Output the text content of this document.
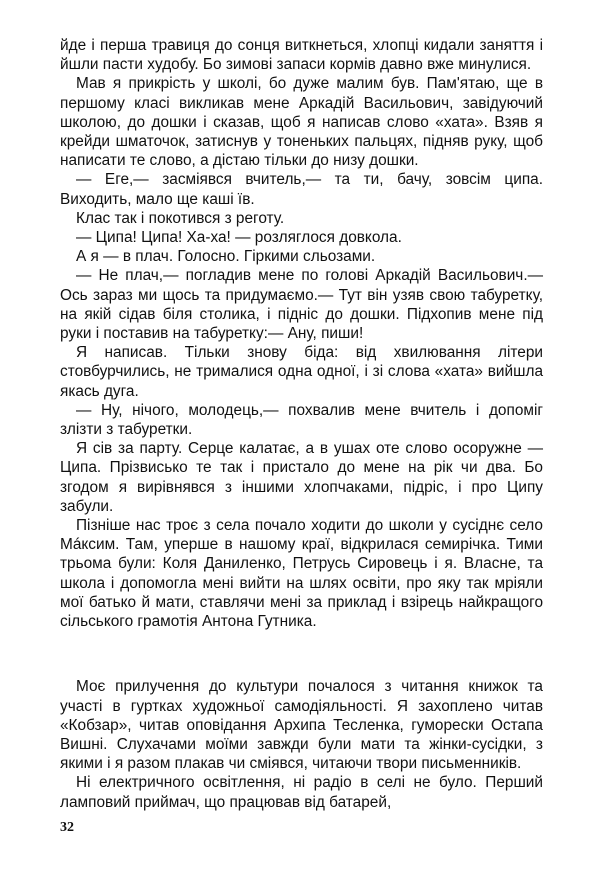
йде і перша травиця до сонця виткнеться, хлопці кидали заняття і йшли пасти худобу. Бо зимові запаси кормів давно вже минулися.

Мав я прикрість у школі, бо дуже малим був. Пам'ятаю, ще в першому класі викликав мене Аркадій Васильович, завідуючий школою, до дошки і сказав, щоб я написав слово «хата». Взяв я крейди шматочок, затиснув у тоненьких пальцях, підняв руку, щоб написати те слово, а дістаю тільки до низу дошки.

— Еге,— засміявся вчитель,— та ти, бачу, зовсім ципа. Виходить, мало ще каші їв.

Клас так і покотився з реготу.

— Ципа! Ципа! Ха-ха! — розляглося довкола.

А я — в плач. Голосно. Гіркими сльозами.

— Не плач,— погладив мене по голові Аркадій Васильович.— Ось зараз ми щось та придумаємо.— Тут він узяв свою табуретку, на якій сідав біля столика, і підніс до дошки. Підхопив мене під руки і поставив на табуретку:— Ану, пиши!

Я написав. Тільки знову біда: від хвилювання літери стовбурчились, не трималися одна одної, і зі слова «хата» вийшла якась дуга.

— Ну, нічого, молодець,— похвалив мене вчитель і допоміг злізти з табуретки.

Я сів за парту. Серце калатає, а в ушах оте слово осоружне — Ципа. Прізвисько те так і пристало до мене на рік чи два. Бо згодом я вирівнявся з іншими хлопчаками, підріс, і про Ципу забули.

Пізніше нас троє з села почало ходити до школи у сусіднє село Máксим. Там, уперше в нашому краї, відкрилася семирічка. Тими трьома були: Коля Даниленко, Петрусь Сировець і я. Власне, та школа і допомогла мені вийти на шлях освіти, про яку так мріяли мої батько й мати, ставлячи мені за приклад і взірець найкращого сільського грамотія Антона Гутника.

Моє прилучення до культури почалося з читання книжок та участі в гуртках художньої самодіяльності. Я захоплено читав «Кобзар», читав оповідання Архипа Тесленка, гуморески Остапа Вишні. Слухачами моїми завжди були мати та жінки-сусідки, з якими і я разом плакав чи сміявся, читаючи твори письменників.

Ні електричного освітлення, ні радіо в селі не було. Перший ламповий приймач, що працював від батарей,

32
